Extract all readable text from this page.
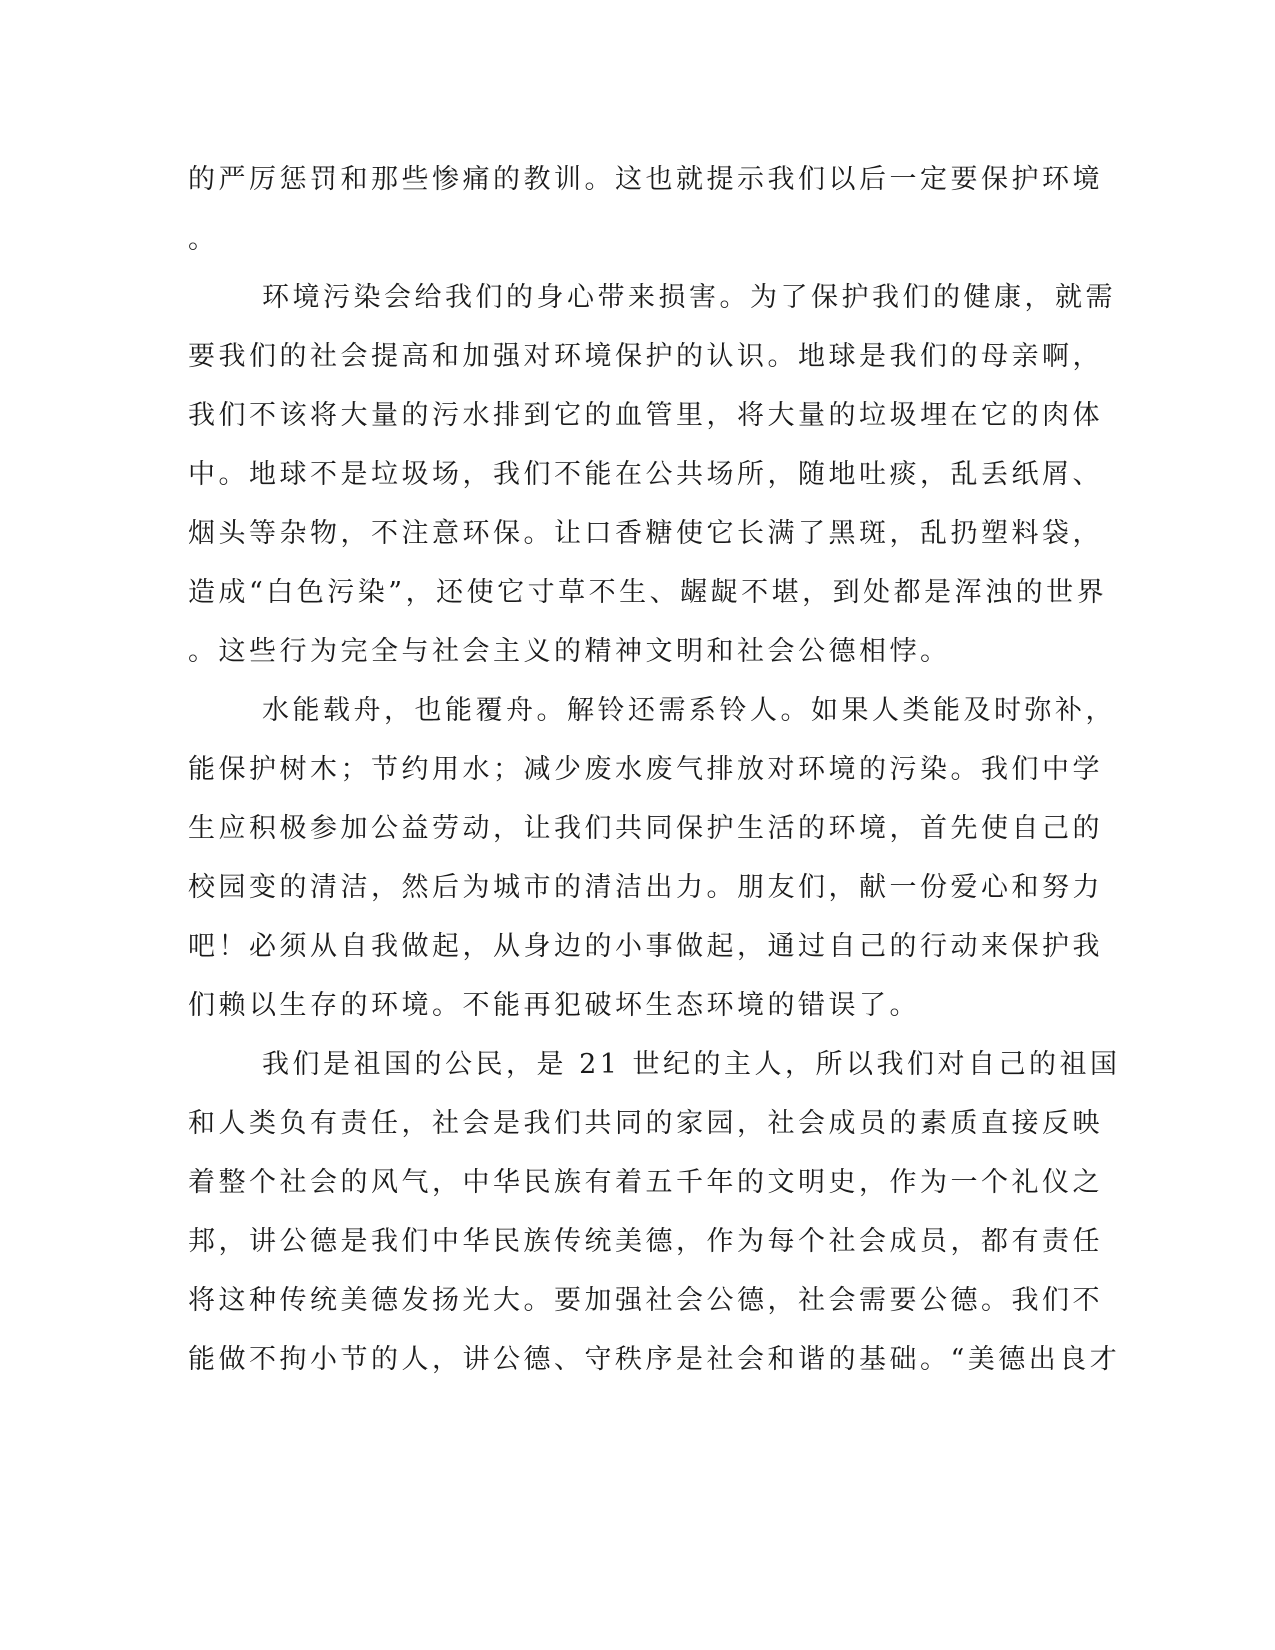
的严厉惩罚和那些惨痛的教训。这也就提示我们以后一定要保护环境

。

环境污染会给我们的身心带来损害。为了保护我们的健康，就需

要我们的社会提高和加强对环境保护的认识。地球是我们的母亲啊，

我们不该将大量的污水排到它的血管里，将大量的垃圾埋在它的肉体

中。地球不是垃圾场，我们不能在公共场所，随地吐痰，乱丢纸屑、

烟头等杂物，不注意环保。让口香糖使它长满了黑斑，乱扔塑料袋，

造成“白色污染”，还使它寸草不生、龌龊不堪，到处都是浑浊的世界

。这些行为完全与社会主义的精神文明和社会公德相悖。

水能载舟，也能覆舟。解铃还需系铃人。如果人类能及时弥补，

能保护树木；节约用水；减少废水废气排放对环境的污染。我们中学

生应积极参加公益劳动，让我们共同保护生活的环境，首先使自己的

校园变的清洁，然后为城市的清洁出力。朋友们，献一份爱心和努力

吧！必须从自我做起，从身边的小事做起，通过自己的行动来保护我

们赖以生存的环境。不能再犯破坏生态环境的错误了。

我们是祖国的公民，是 21 世纪的主人，所以我们对自己的祖国

和人类负有责任，社会是我们共同的家园，社会成员的素质直接反映

着整个社会的风气，中华民族有着五千年的文明史，作为一个礼仪之

邦，讲公德是我们中华民族传统美德，作为每个社会成员，都有责任

将这种传统美德发扬光大。要加强社会公德，社会需要公德。我们不

能做不拘小节的人，讲公德、守秩序是社会和谐的基础。“美德出良才
